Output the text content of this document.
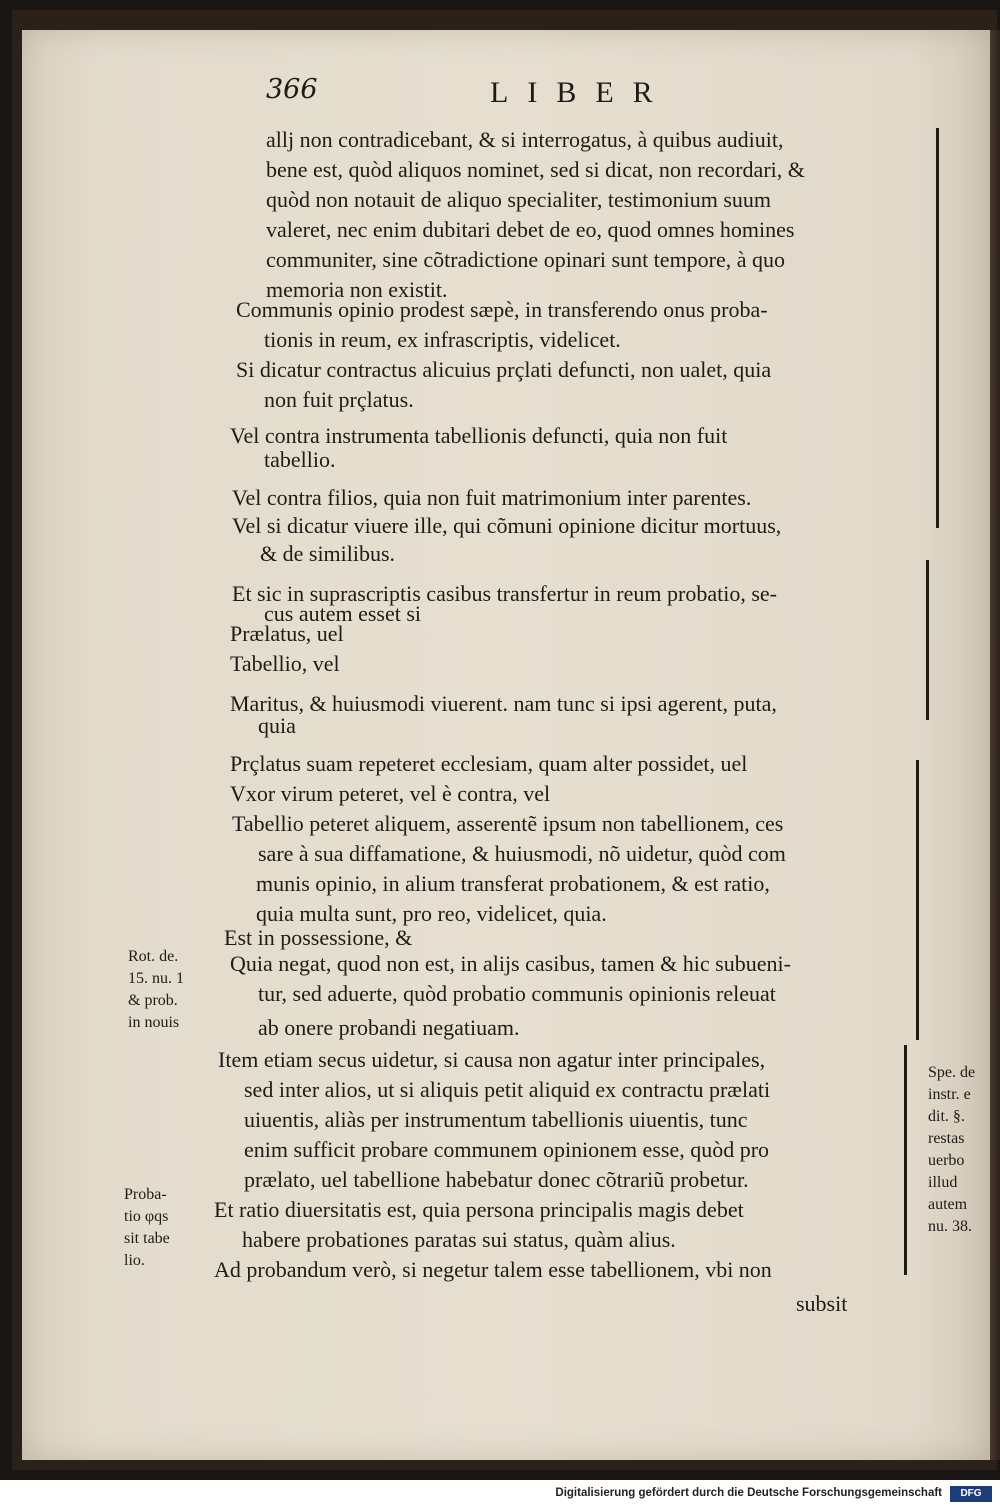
366	LIBER
allj non contradicebant, & si interrogatus, à quibus audiuit,
bene est, quòd aliquos nominet, sed si dicat, non recordari, &
quòd non notauit de aliquo specialiter, testimonium suum
valeret, nec enim dubitari debet de eo, quod omnes homines
communiter, sine cõtradictione opinari sunt tempore, à quo
memoria non existit.
Communis opinio prodest sæpè, in transferendo onus proba-
tionis in reum, ex infrascriptis, videlicet.
Si dicatur contractus alicuius prçlati defuncti, non ualet, quia
non fuit prçlatus.
Vel contra instrumenta tabellionis defuncti, quia non fuit
tabellio.
Vel contra filios, quia non fuit matrimonium inter parentes.
Vel si dicatur viuere ille, qui cõmuni opinione dicitur mortuus,
& de similibus.
Et sic in suprascriptis casibus transfertur in reum probatio, se-
cus autem esset si
Prælatus, uel
Tabellio, vel
Maritus, & huiusmodi viuerent. nam tunc si ipsi agerent, puta,
quia
Prçlatus suam repeteret ecclesiam, quam alter possidet, uel
Vxor virum peteret, vel è contra, vel
Tabellio peteret aliquem, asserentẽ ipsum non tabellionem, ces
sare à sua diffamatione, & huiusmodi, nõ uidetur, quòd com
munis opinio, in alium transferat probationem, & est ratio,
quia multa sunt, pro reo, videlicet, quia.
Est in possessione, &
Quia negat, quod non est, in alijs casibus, tamen & hic subueni-
tur, sed aduerte, quòd probatio communis opinionis releuat
ab onere probandi negatiuam.
Item etiam secus uidetur, si causa non agatur inter principales,
sed inter alios, ut si aliquis petit aliquid ex contractu prælati
uiuentis, aliàs per instrumentum tabellionis uiuentis, tunc
enim sufficit probare communem opinionem esse, quòd pro
prælato, uel tabellione habebatur donec cõtrariũ probetur.
Et ratio diuersitatis est, quia persona principalis magis debet
habere probationes paratas sui status, quàm alius.
Ad probandum verò, si negetur talem esse tabellionem, vbi non
subsit
Rot. de.
15. nu. 1
& prob.
in nouis
Proba-
tio φqs
sit tabe
lio.
Spe. de
instr. e
dit. §.
restas
uerbo
illud
autem
nu. 38.
Digitalisierung gefördert durch die Deutsche Forschungsgemeinschaft	DFG
